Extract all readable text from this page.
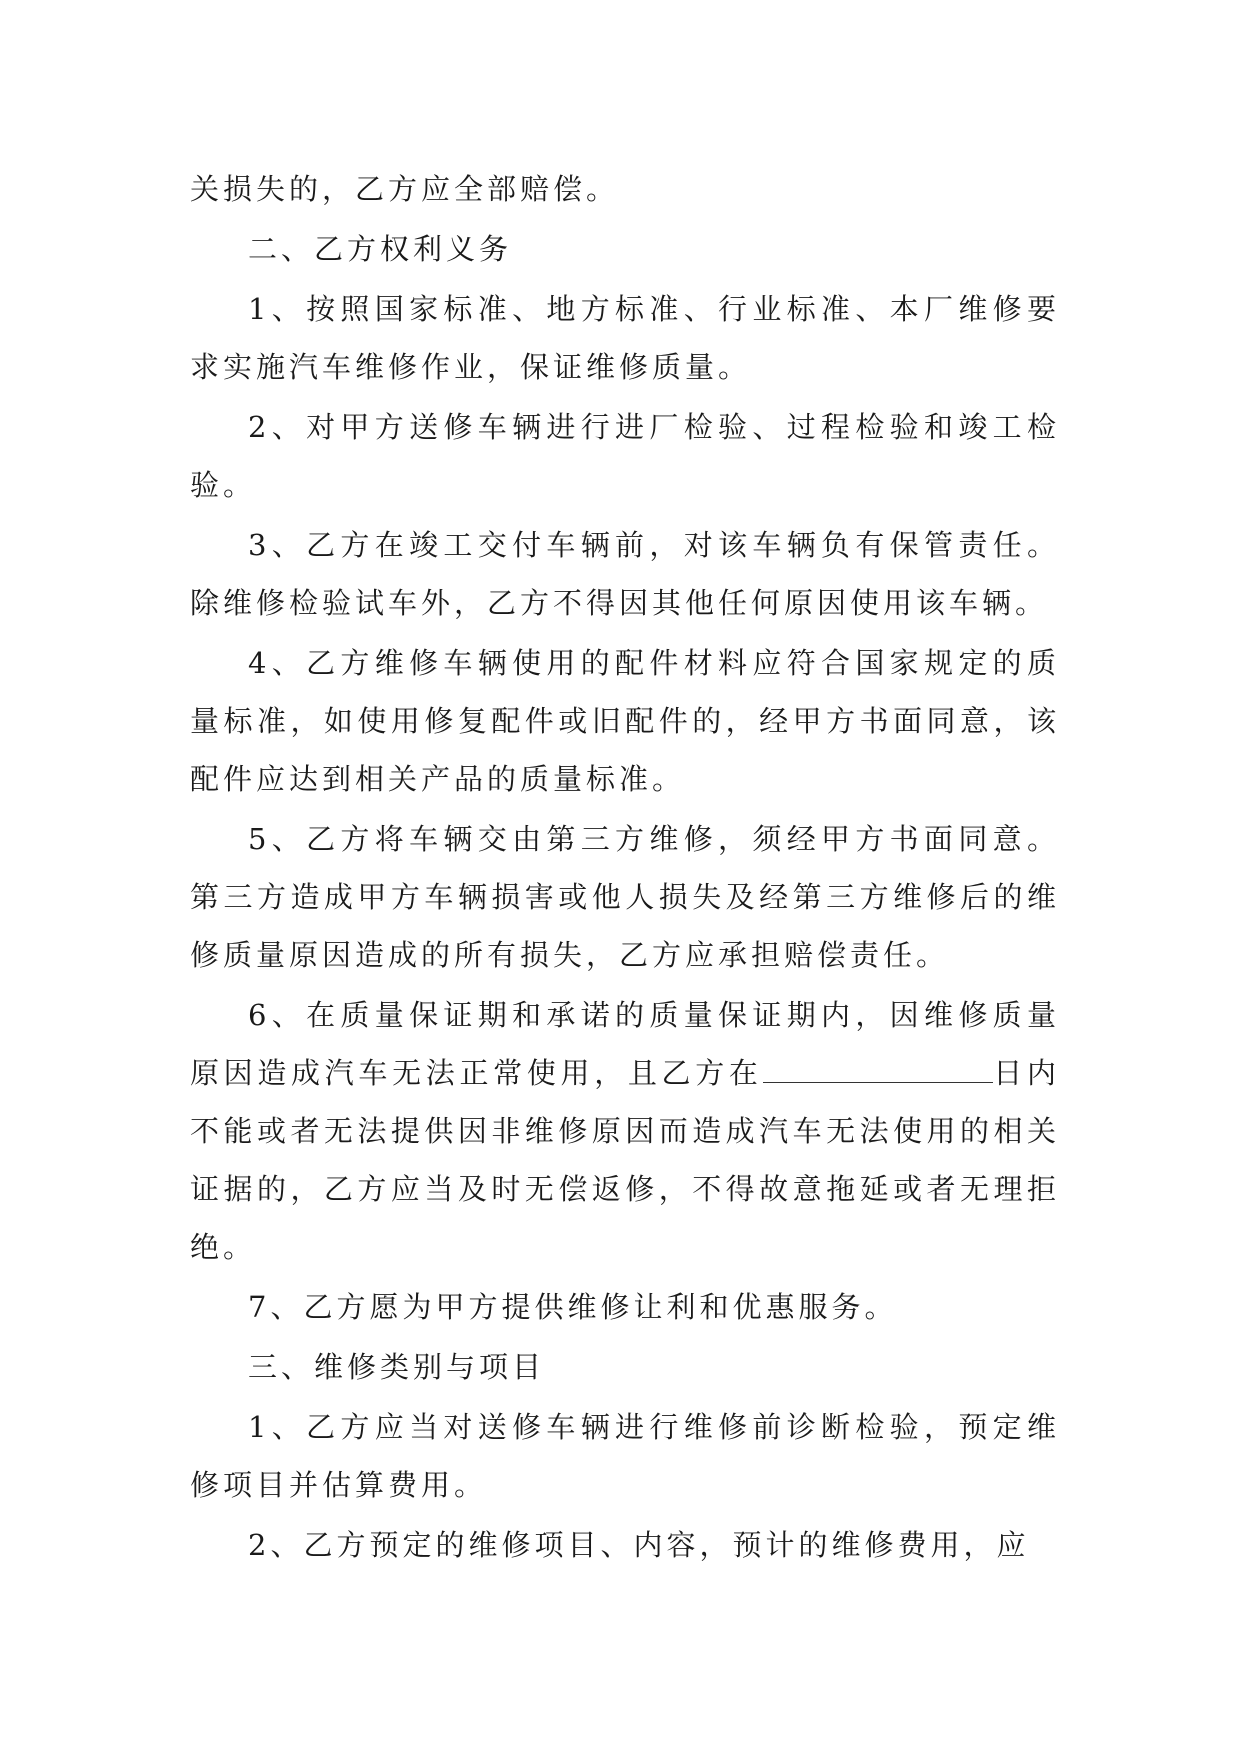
关损失的，乙方应全部赔偿。

二、乙方权利义务

1、按照国家标准、地方标准、行业标准、本厂维修要求实施汽车维修作业，保证维修质量。

2、对甲方送修车辆进行进厂检验、过程检验和竣工检验。

3、乙方在竣工交付车辆前，对该车辆负有保管责任。除维修检验试车外，乙方不得因其他任何原因使用该车辆。

4、乙方维修车辆使用的配件材料应符合国家规定的质量标准，如使用修复配件或旧配件的，经甲方书面同意，该配件应达到相关产品的质量标准。

5、乙方将车辆交由第三方维修，须经甲方书面同意。第三方造成甲方车辆损害或他人损失及经第三方维修后的维修质量原因造成的所有损失，乙方应承担赔偿责任。

6、在质量保证期和承诺的质量保证期内，因维修质量原因造成汽车无法正常使用，且乙方在	日内不能或者无法提供因非维修原因而造成汽车无法使用的相关证据的，乙方应当及时无偿返修，不得故意拖延或者无理拒绝。

7、乙方愿为甲方提供维修让利和优惠服务。

三、维修类别与项目

1、乙方应当对送修车辆进行维修前诊断检验，预定维修项目并估算费用。

2、乙方预定的维修项目、内容，预计的维修费用，应
